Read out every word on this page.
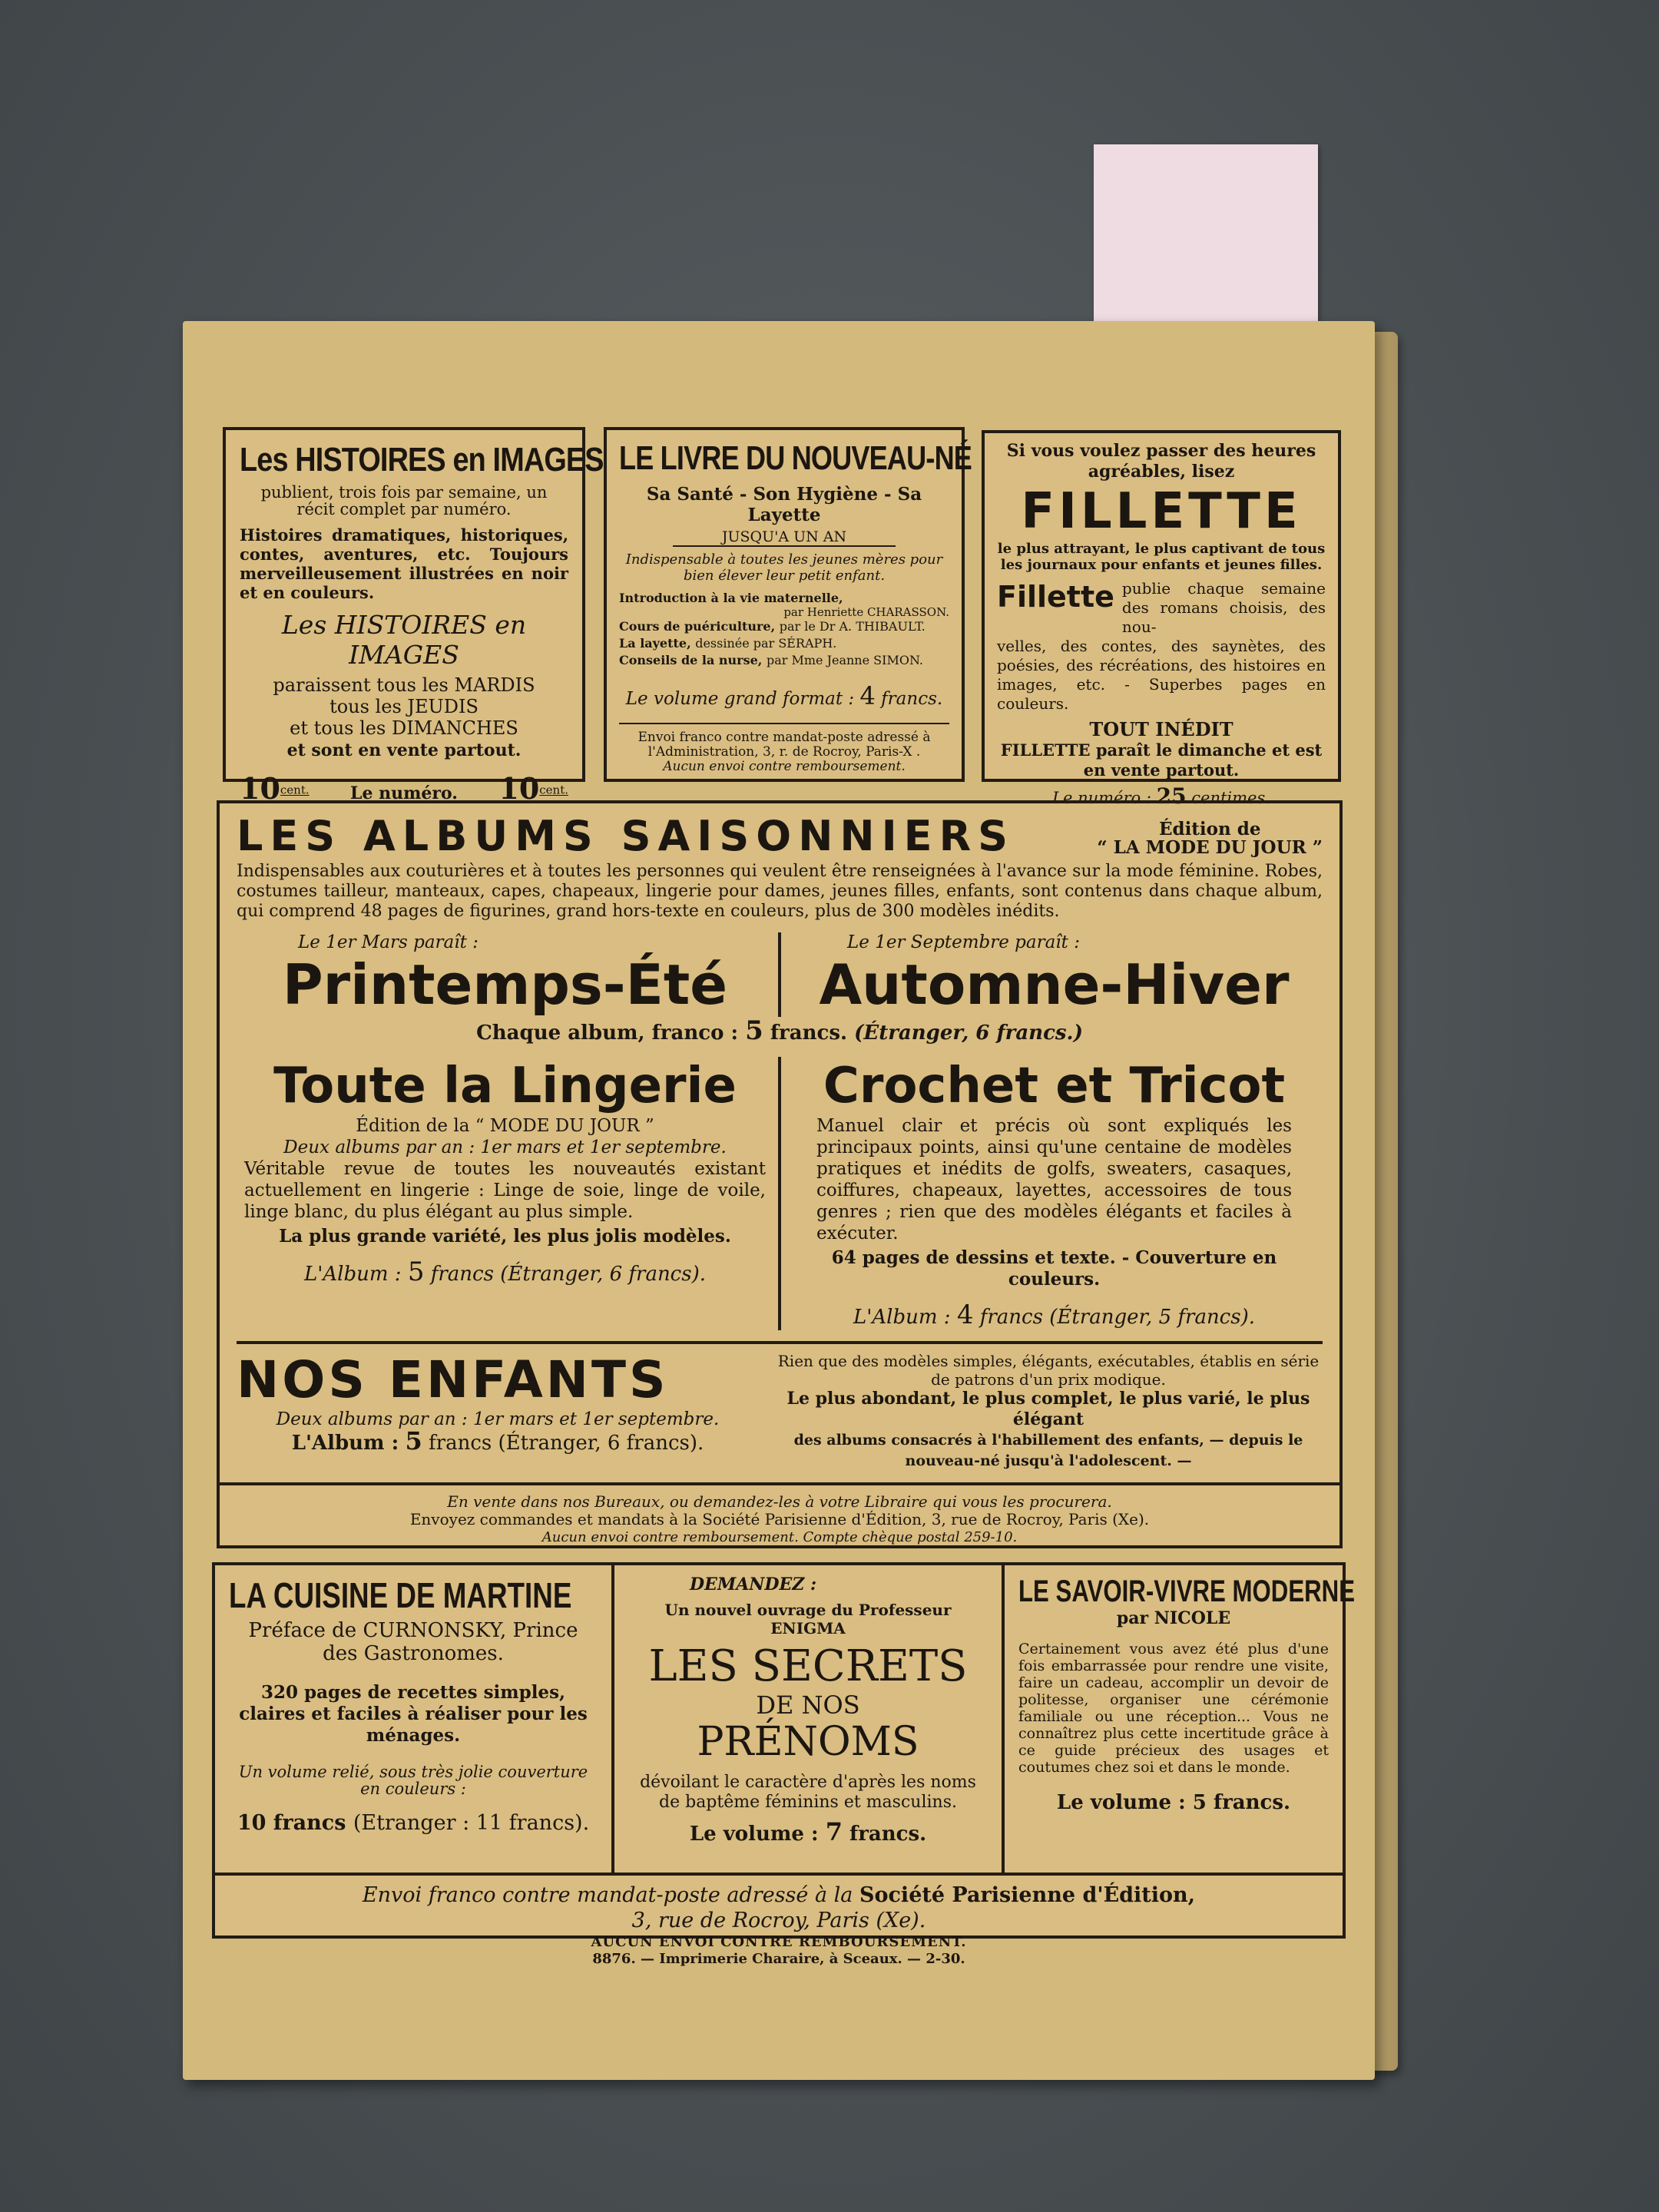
Les HISTOIRES en IMAGES
publient, trois fois par semaine, un récit complet par numéro.
Histoires dramatiques, historiques, contes, aventures, etc. Toujours merveilleusement illustrées en noir et en couleurs.
Les HISTOIRES en IMAGES
paraissent tous les MARDIS
tous les JEUDIS
et tous les DIMANCHES
et sont en vente partout.
10cent. Le numéro. 10cent.
LE LIVRE DU NOUVEAU-NÉ
Sa Santé - Son Hygiène - Sa Layette
JUSQU'A UN AN
Indispensable à toutes les jeunes mères pour bien élever leur petit enfant.
Introduction à la vie maternelle,
par Henriette CHARASSON.
Cours de puériculture, par le Dr A. THIBAULT.
La layette, dessinée par SÉRAPH.
Conseils de la nurse, par Mme Jeanne SIMON.
Le volume grand format : 4 francs.
Envoi franco contre mandat-poste adressé à l'Administration, 3, r. de Rocroy, Paris-X .
Aucun envoi contre remboursement.
Si vous voulez passer des heures agréables, lisez
FILLETTE
le plus attrayant, le plus captivant de tous les journaux pour enfants et jeunes filles.
Fillette publie chaque semaine des romans choisis, des nou-
velles, des contes, des saynètes, des poésies, des récréations, des histoires en images, etc. - Superbes pages en couleurs.
TOUT INÉDIT
FILLETTE paraît le dimanche et est en vente partout.
Le numéro : 25 centimes.
LES ALBUMS SAISONNIERS	Édition de
“ LA MODE DU JOUR ”
Indispensables aux couturières et à toutes les personnes qui veulent être renseignées à l'avance sur la mode féminine. Robes, costumes tailleur, manteaux, capes, chapeaux, lingerie pour dames, jeunes filles, enfants, sont contenus dans chaque album, qui comprend 48 pages de figurines, grand hors-texte en couleurs, plus de 300 modèles inédits.
Le 1er Mars paraît :
Printemps-Été
Le 1er Septembre paraît :
Automne-Hiver
Chaque album, franco : 5 francs. (Étranger, 6 francs.)
Toute la Lingerie
Édition de la “ MODE DU JOUR ”
Deux albums par an : 1er mars et 1er septembre.
Véritable revue de toutes les nouveautés existant actuellement en lingerie : Linge de soie, linge de voile, linge blanc, du plus élégant au plus simple.
La plus grande variété, les plus jolis modèles.
L'Album : 5 francs (Étranger, 6 francs).
Crochet et Tricot
Manuel clair et précis où sont expliqués les principaux points, ainsi qu'une centaine de modèles pratiques et inédits de golfs, sweaters, casaques, coiffures, chapeaux, layettes, accessoires de tous genres ; rien que des modèles élégants et faciles à exécuter.
64 pages de dessins et texte. - Couverture en couleurs.
L'Album : 4 francs (Étranger, 5 francs).
NOS ENFANTS
Deux albums par an : 1er mars et 1er septembre.
L'Album : 5 francs (Étranger, 6 francs).
Rien que des modèles simples, élégants, exécutables, établis en série de patrons d'un prix modique.
Le plus abondant, le plus complet, le plus varié, le plus élégant
des albums consacrés à l'habillement des enfants, — depuis le nouveau-né jusqu'à l'adolescent. —
En vente dans nos Bureaux, ou demandez-les à votre Libraire qui vous les procurera.
Envoyez commandes et mandats à la Société Parisienne d'Édition, 3, rue de Rocroy, Paris (Xe).
Aucun envoi contre remboursement. Compte chèque postal 259-10.
LA CUISINE DE MARTINE
Préface de CURNONSKY, Prince des Gastronomes.
320 pages de recettes simples, claires et faciles à réaliser pour les ménages.
Un volume relié, sous très jolie couverture en couleurs :
10 francs (Etranger : 11 francs).
DEMANDEZ :
Un nouvel ouvrage du Professeur ENIGMA
LES SECRETS
DE NOS
PRÉNOMS
dévoilant le caractère d'après les noms de baptême féminins et masculins.
Le volume : 7 francs.
LE SAVOIR-VIVRE MODERNE
par NICOLE
Certainement vous avez été plus d'une fois embarrassée pour rendre une visite, faire un cadeau, accomplir un devoir de politesse, organiser une cérémonie familiale ou une réception... Vous ne connaîtrez plus cette incertitude grâce à ce guide précieux des usages et coutumes chez soi et dans le monde.
Le volume : 5 francs.
Envoi franco contre mandat-poste adressé à la Société Parisienne d'Édition,
3, rue de Rocroy, Paris (Xe).
AUCUN ENVOI CONTRE REMBOURSEMENT.
8876. — Imprimerie Charaire, à Sceaux. — 2-30.
